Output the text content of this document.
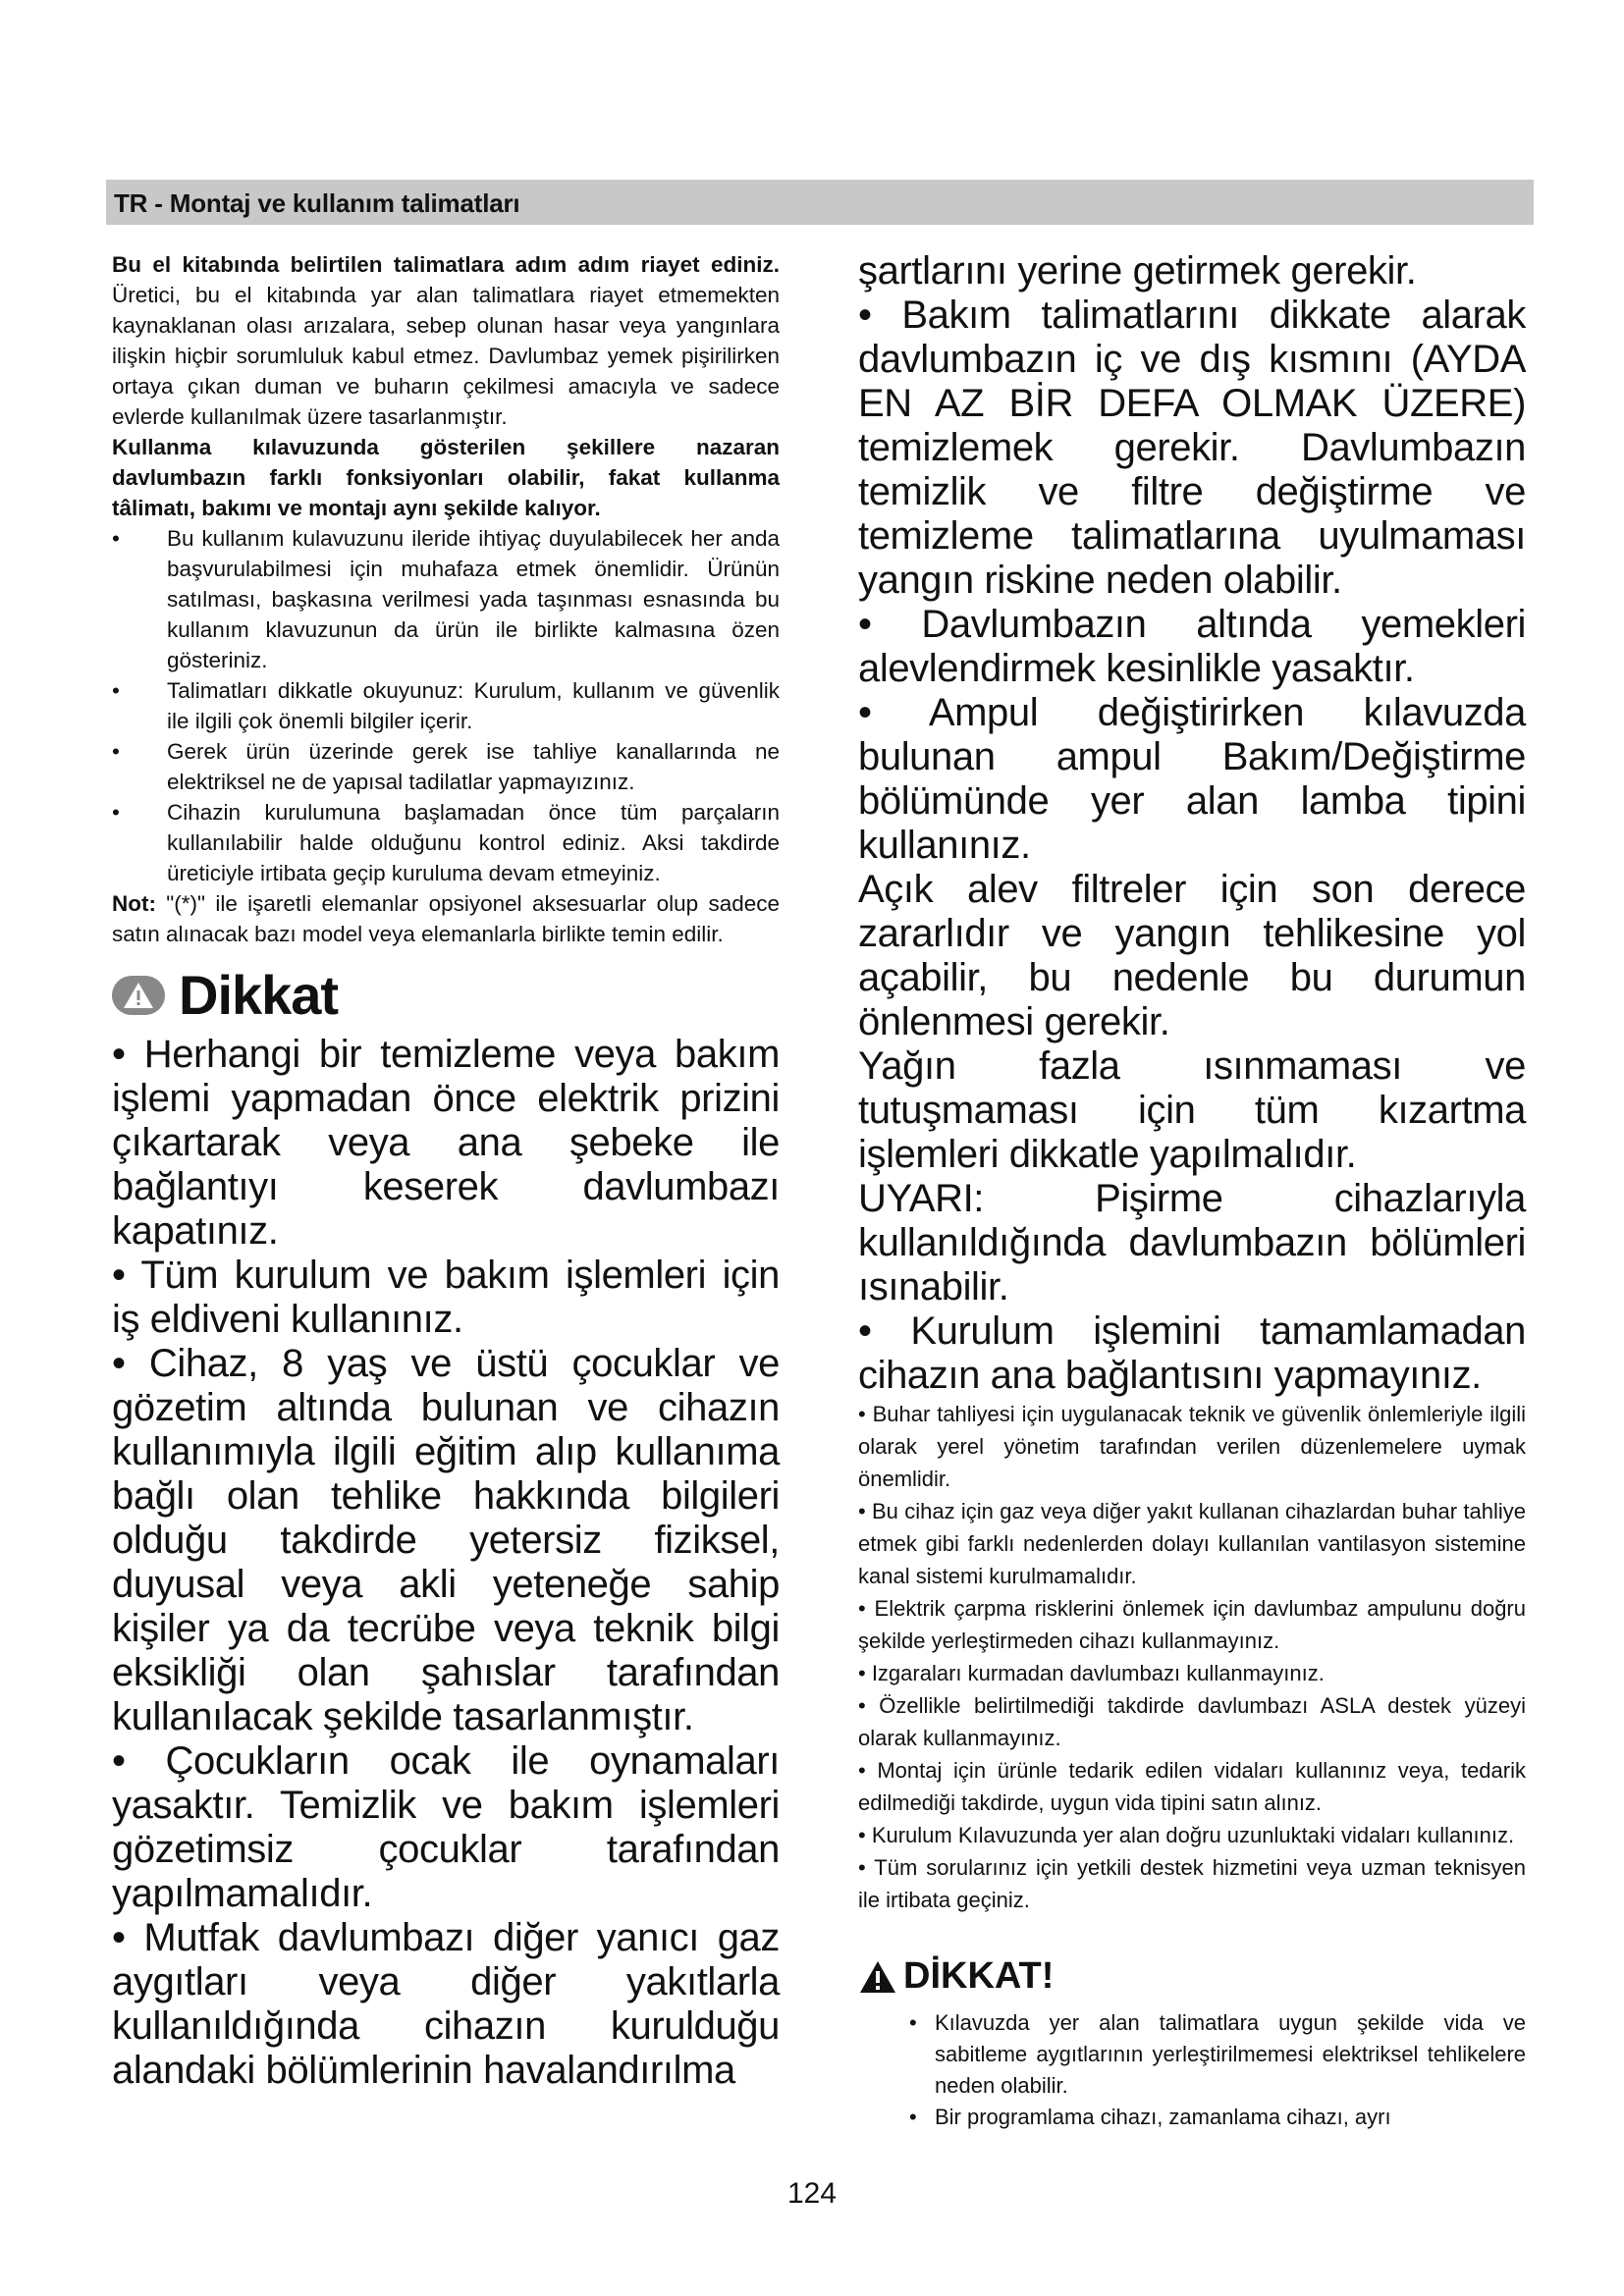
TR - Montaj ve kullanım talimatları

Bu el kitabında belirtilen talimatlara adım adım riayet ediniz. Üretici, bu el kitabında yar alan talimatlara riayet etmemekten kaynaklanan olası arızalara, sebep olunan hasar veya yangınlara ilişkin hiçbir sorumluluk kabul etmez. Davlumbaz yemek pişirilirken ortaya çıkan duman ve buharın çekilmesi amacıyla ve sadece evlerde kullanılmak üzere tasarlanmıştır.

Kullanma kılavuzunda gösterilen şekillere nazaran davlumbazın farklı fonksiyonları olabilir, fakat kullanma tâlimatı, bakımı ve montajı aynı şekilde kalıyor.

• Bu kullanım kulavuzunu ileride ihtiyaç duyulabilecek her anda başvurulabilmesi için muhafaza etmek önemlidir. Ürünün satılması, başkasına verilmesi yada taşınması esnasında bu kullanım klavuzunun da ürün ile birlikte kalmasına özen gösteriniz.

• Talimatları dikkatle okuyunuz: Kurulum, kullanım ve güvenlik ile ilgili çok önemli bilgiler içerir.

• Gerek ürün üzerinde gerek ise tahliye kanallarında ne elektriksel ne de yapısal tadilatlar yapmayızınız.

• Cihazin kurulumuna başlamadan önce tüm parçaların kullanılabilir halde olduğunu kontrol ediniz. Aksi takdirde üreticiyle irtibata geçip kuruluma devam etmeyiniz.

Not: "(*)" ile işaretli elemanlar opsiyonel aksesuarlar olup sadece satın alınacak bazı model veya elemanlarla birlikte temin edilir.

Dikkat

• Herhangi bir temizleme veya bakım işlemi yapmadan önce elektrik prizini çıkartarak veya ana şebeke ile bağlantıyı keserek davlumbazı kapatınız.

• Tüm kurulum ve bakım işlemleri için iş eldiveni kullanınız.

• Cihaz, 8 yaş ve üstü çocuklar ve gözetim altında bulunan ve cihazın kullanımıyla ilgili eğitim alıp kullanıma bağlı olan tehlike hakkında bilgileri olduğu takdirde yetersiz fiziksel, duyusal veya akli yeteneğe sahip kişiler ya da tecrübe veya teknik bilgi eksikliği olan şahıslar tarafından kullanılacak şekilde tasarlanmıştır.

• Çocukların ocak ile oynamaları yasaktır. Temizlik ve bakım işlemleri gözetimsiz çocuklar tarafından yapılmamalıdır.

• Mutfak davlumbazı diğer yanıcı gaz aygıtları veya diğer yakıtlarla kullanıldığında cihazın kurulduğu alandaki bölümlerinin havalandırılma

şartlarını yerine getirmek gerekir.

• Bakım talimatlarını dikkate alarak davlumbazın iç ve dış kısmını (AYDA EN AZ BİR DEFA OLMAK ÜZERE) temizlemek gerekir. Davlumbazın temizlik ve filtre değiştirme ve temizleme talimatlarına uyulmaması yangın riskine neden olabilir.

• Davlumbazın altında yemekleri alevlendirmek kesinlikle yasaktır.

• Ampul değiştirirken kılavuzda bulunan ampul Bakım/Değiştirme bölümünde yer alan lamba tipini kullanınız.

Açık alev filtreler için son derece zararlıdır ve yangın tehlikesine yol açabilir, bu nedenle bu durumun önlenmesi gerekir.

Yağın fazla ısınmaması ve tutuşmaması için tüm kızartma işlemleri dikkatle yapılmalıdır.

UYARI: Pişirme cihazlarıyla kullanıldığında davlumbazın bölümleri ısınabilir.

• Kurulum işlemini tamamlamadan cihazın ana bağlantısını yapmayınız.

• Buhar tahliyesi için uygulanacak teknik ve güvenlik önlemleriyle ilgili olarak yerel yönetim tarafından verilen düzenlemelere uymak önemlidir.

• Bu cihaz için gaz veya diğer yakıt kullanan cihazlardan buhar tahliye etmek gibi farklı nedenlerden dolayı kullanılan vantilasyon sistemine kanal sistemi kurulmamalıdır.

• Elektrik çarpma risklerini önlemek için davlumbaz ampulunu doğru şekilde yerleştirmeden cihazı kullanmayınız.

• Izgaraları kurmadan davlumbazı kullanmayınız.

• Özellikle belirtilmediği takdirde davlumbazı ASLA destek yüzeyi olarak kullanmayınız.

• Montaj için ürünle tedarik edilen vidaları kullanınız veya, tedarik edilmediği takdirde, uygun vida tipini satın alınız.

• Kurulum Kılavuzunda yer alan doğru uzunluktaki vidaları kullanınız.

• Tüm sorularınız için yetkili destek hizmetini veya uzman teknisyen ile irtibata geçiniz.

DİKKAT!

• Kılavuzda yer alan talimatlara uygun şekilde vida ve sabitleme aygıtlarının yerleştirilmemesi elektriksel tehlikelere neden olabilir.

• Bir programlama cihazı, zamanlama cihazı, ayrı

124
